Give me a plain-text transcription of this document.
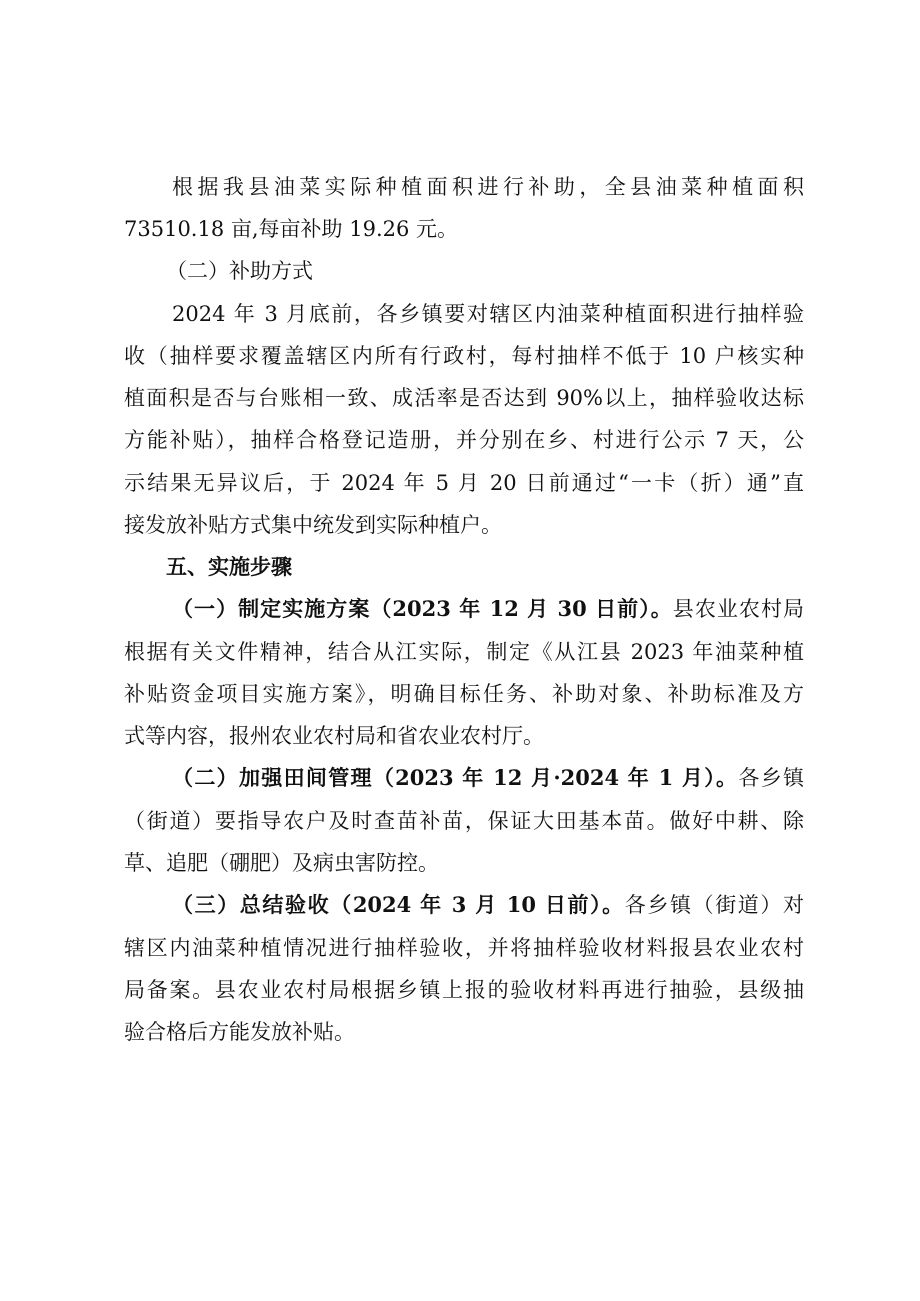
根据我县油菜实际种植面积进行补助，全县油菜种植面积
73510.18 亩,每亩补助 19.26 元。
（二）补助方式
2024 年 3 月底前，各乡镇要对辖区内油菜种植面积进行抽样验
收（抽样要求覆盖辖区内所有行政村，每村抽样不低于 10 户核实种
植面积是否与台账相一致、成活率是否达到 90%以上，抽样验收达标
方能补贴），抽样合格登记造册，并分别在乡、村进行公示 7 天，公
示结果无异议后，于 2024 年 5 月 20 日前通过“一卡（折）通”直
接发放补贴方式集中统发到实际种植户。
五、实施步骤
（一）制定实施方案（2023 年 12 月 30 日前）。县农业农村局
根据有关文件精神，结合从江实际，制定《从江县 2023 年油菜种植
补贴资金项目实施方案》，明确目标任务、补助对象、补助标准及方
式等内容，报州农业农村局和省农业农村厅。
（二）加强田间管理（2023 年 12 月·2024 年 1 月）。各乡镇
（街道）要指导农户及时查苗补苗，保证大田基本苗。做好中耕、除
草、追肥（硼肥）及病虫害防控。
（三）总结验收（2024 年 3 月 10 日前）。各乡镇（街道）对
辖区内油菜种植情况进行抽样验收，并将抽样验收材料报县农业农村
局备案。县农业农村局根据乡镇上报的验收材料再进行抽验，县级抽
验合格后方能发放补贴。
